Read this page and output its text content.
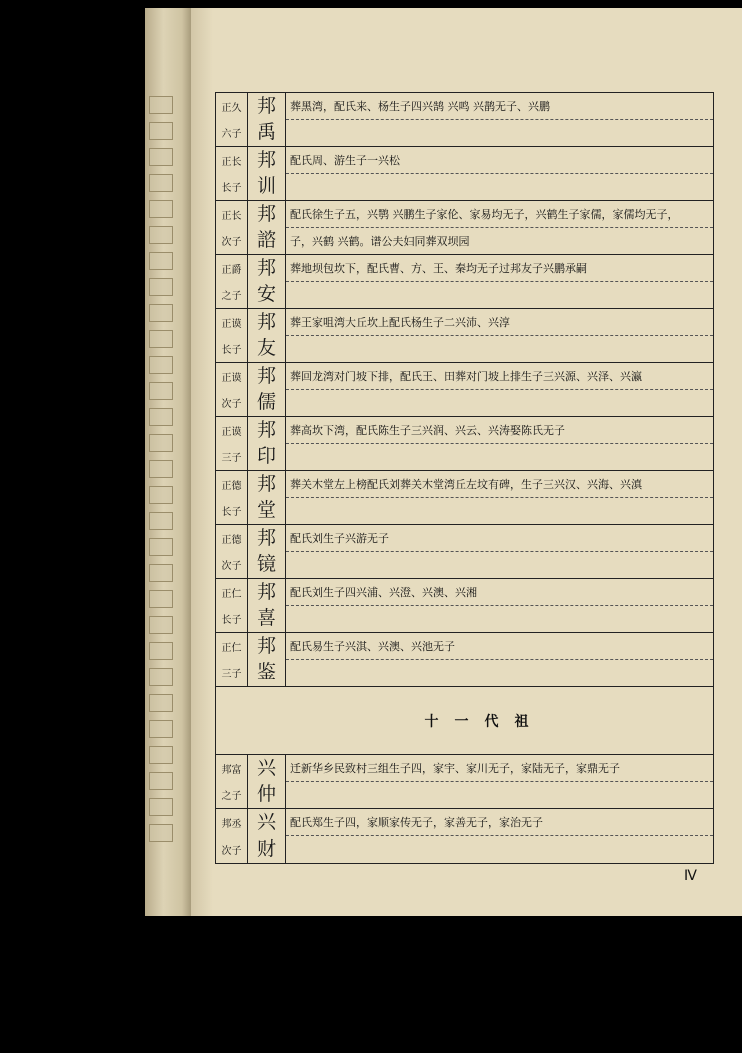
正久
六子
邦
禹
葬黑湾，配氏来、杨生子四兴鹄 兴鸣 兴鹊无子、兴鹏
正长
长子
邦
训
配氏周、游生子一兴松
正长
次子
邦
諮
配氏徐生子五，兴鹗 兴鹏生子家伦、家易均无子，兴鹤生子家儒，家儒均无子，
子，兴鹤 兴鹤。谱公夫妇同葬双坝园
正爵
之子
邦
安
葬地坝包坎下，配氏曹、方、王、秦均无子过邦友子兴鹏承嗣
正谟
长子
邦
友
葬王家咀湾大丘坎上配氏杨生子二兴沛、兴淳
正谟
次子
邦
儒
葬回龙湾对门坡下排，配氏王、田葬对门坡上排生子三兴源、兴泽、兴瀛
正谟
三子
邦
印
葬高坎下湾，配氏陈生子三兴润、兴云、兴涛娶陈氏无子
正德
长子
邦
堂
葬关木堂左上榜配氏刘葬关木堂湾丘左坟有碑，生子三兴汉、兴海、兴滇
正德
次子
邦
镜
配氏刘生子兴游无子
正仁
长子
邦
喜
配氏刘生子四兴浦、兴澄、兴澳、兴湘
正仁
三子
邦
鉴
配氏易生子兴淇、兴澳、兴池无子
十一代祖
邦富
之子
兴
仲
迁新华乡民致村三组生子四，家宇、家川无子，家陆无子，家鼎无子
邦丞
次子
兴
财
配氏郑生子四，家顺家传无子，家善无子，家治无子
Ⅳ
